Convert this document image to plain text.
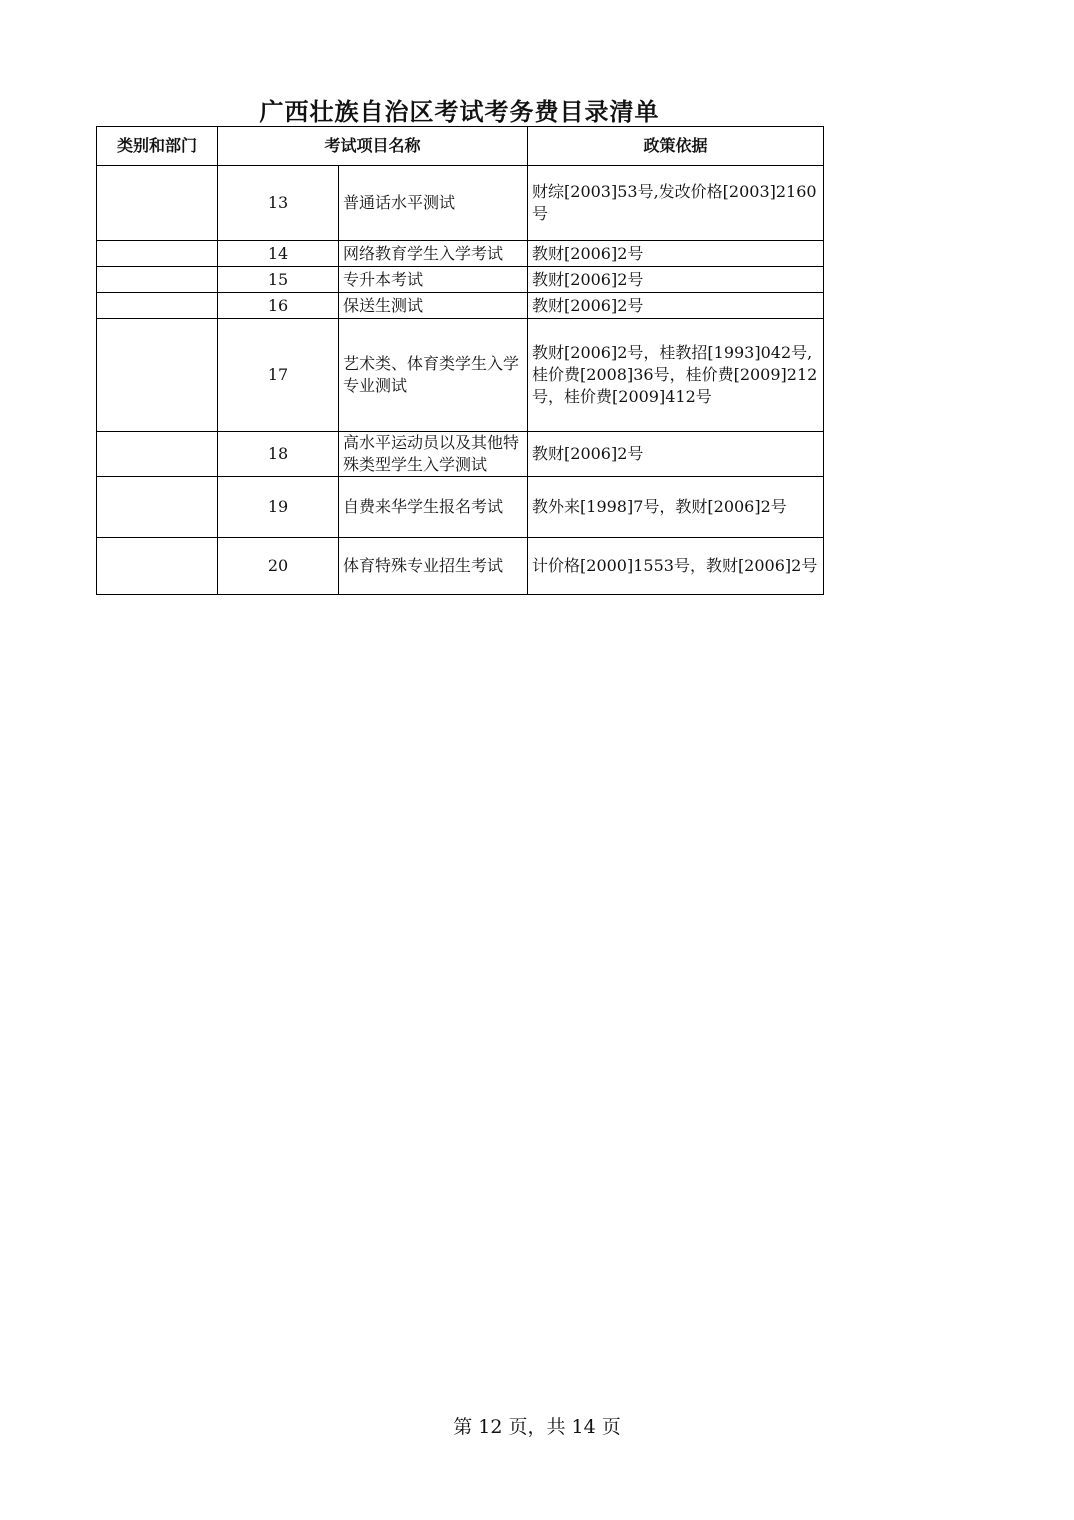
广西壮族自治区考试考务费目录清单
类别和部门	考试项目名称		政策依据
	13	普通话水平测试	财综[2003]53号,发改价格[2003]2160号
	14	网络教育学生入学考试	教财[2006]2号
	15	专升本考试	教财[2006]2号
	16	保送生测试	教财[2006]2号
	17	艺术类、体育类学生入学专业测试	教财[2006]2号，桂教招[1993]042号,桂价费[2008]36号，桂价费[2009]212号，桂价费[2009]412号
	18	高水平运动员以及其他特殊类型学生入学测试	教财[2006]2号
	19	自费来华学生报名考试	教外来[1998]7号，教财[2006]2号
	20	体育特殊专业招生考试	计价格[2000]1553号，教财[2006]2号
第 12 页，共 14 页
